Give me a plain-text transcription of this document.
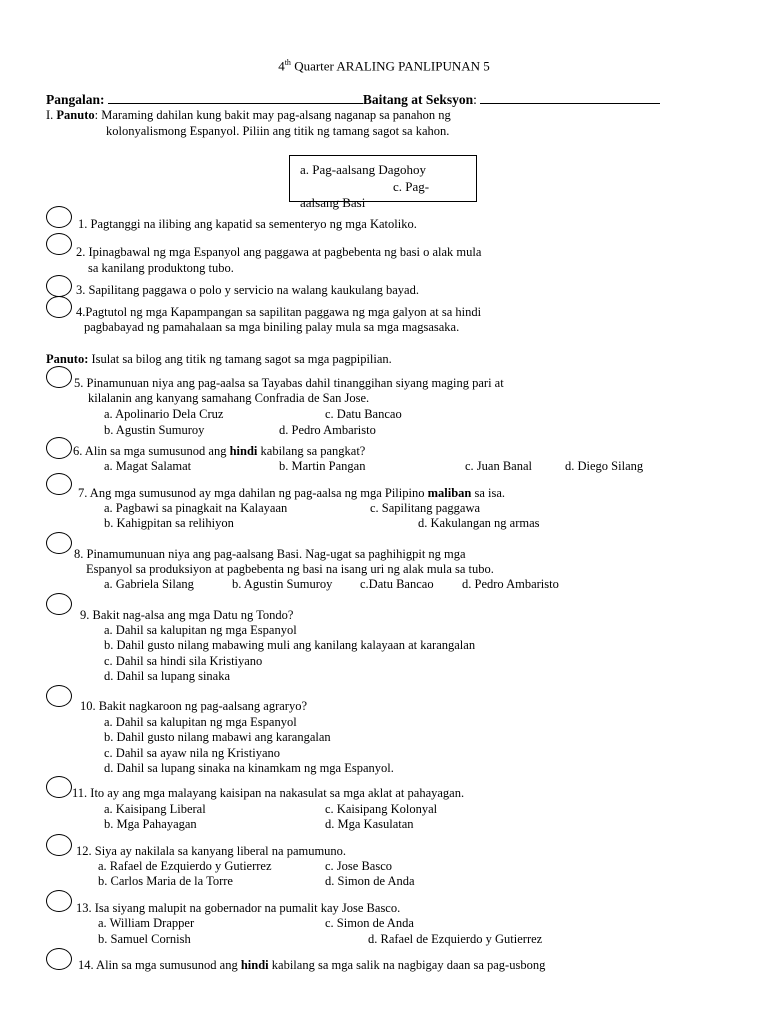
4th Quarter ARALING PANLIPUNAN 5
Pangalan:	Baitang at Seksyon:
I. Panuto: Maraming dahilan kung bakit may pag-alsang naganap sa panahon ng
kolonyalismong Espanyol. Piliin ang titik ng tamang sagot sa kahon.
a. Pag-aalsang Dagohoy
c. Pag-
aalsang Basi
1. Pagtanggi na ilibing ang kapatid sa sementeryo ng mga Katoliko.
2. Ipinagbawal ng mga Espanyol ang paggawa at pagbebenta ng basi o alak mula
sa kanilang produktong tubo.
3. Sapilitang paggawa o polo y servicio na walang kaukulang bayad.
4.Pagtutol ng mga Kapampangan sa sapilitan paggawa ng mga galyon at sa hindi
pagbabayad ng pamahalaan sa mga biniling palay mula sa mga magsasaka.
Panuto: Isulat sa bilog ang titik ng tamang sagot sa mga pagpipilian.
5. Pinamunuan niya ang pag-aalsa sa Tayabas dahil tinanggihan siyang maging pari at
kilalanin ang kanyang samahang Confradia de San Jose.
a. Apolinario Dela Cruz	c. Datu Bancao
b. Agustin Sumuroy	d. Pedro Ambaristo
6. Alin sa mga sumusunod ang hindi kabilang sa pangkat?
a. Magat Salamat	b. Martin Pangan	c. Juan Banal	d. Diego Silang
7. Ang mga sumusunod ay mga dahilan ng pag-aalsa ng mga Pilipino maliban sa isa.
a. Pagbawi sa pinagkait na Kalayaan	c. Sapilitang paggawa
b. Kahigpitan sa relihiyon	d. Kakulangan ng armas
8. Pinamumunuan niya ang pag-aalsang Basi. Nag-ugat sa paghihigpit ng mga
Espanyol sa produksiyon at pagbebenta ng basi na isang uri ng alak mula sa tubo.
a. Gabriela Silang	b. Agustin Sumuroy c.Datu Bancao d. Pedro Ambaristo
9. Bakit nag-alsa ang mga Datu ng Tondo?
a. Dahil sa kalupitan ng mga Espanyol
b. Dahil gusto nilang mabawing muli ang kanilang kalayaan at karangalan
c. Dahil sa hindi sila Kristiyano
d. Dahil sa lupang sinaka
10. Bakit nagkaroon ng pag-aalsang agraryo?
a. Dahil sa kalupitan ng mga Espanyol
b. Dahil gusto nilang mabawi ang karangalan
c. Dahil sa ayaw nila ng Kristiyano
d. Dahil sa lupang sinaka na kinamkam ng mga Espanyol.
11. Ito ay ang mga malayang kaisipan na nakasulat sa mga aklat at pahayagan.
a. Kaisipang Liberal	c. Kaisipang Kolonyal
b. Mga Pahayagan	d. Mga Kasulatan
12. Siya ay nakilala sa kanyang liberal na pamumuno.
a. Rafael de Ezquierdo y Gutierrez	c. Jose Basco
b. Carlos Maria de la Torre	d. Simon de Anda
13. Isa siyang malupit na gobernador na pumalit kay Jose Basco.
a. William Drapper	c. Simon de Anda
b. Samuel Cornish	d. Rafael de Ezquierdo y Gutierrez
14. Alin sa mga sumusunod ang hindi kabilang sa mga salik na nagbigay daan sa pag-usbong
